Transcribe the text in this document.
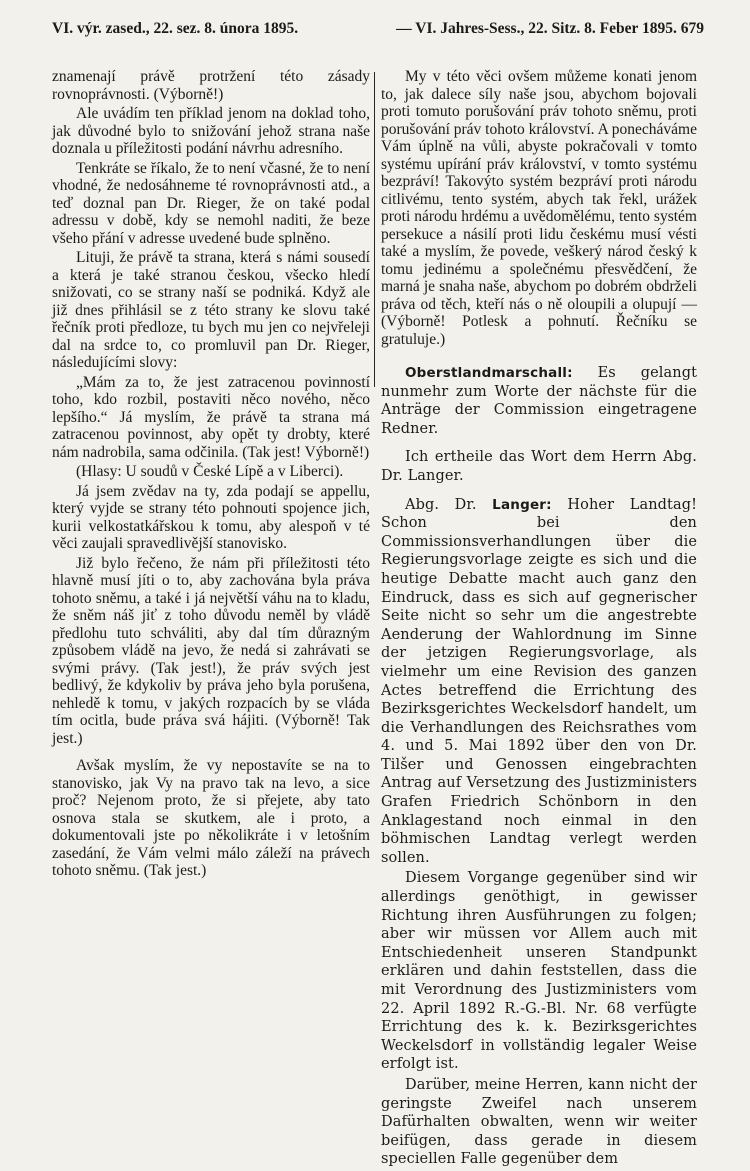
VI. výr. zased., 22. sez. 8. února 1895.	— VI. Jahres-Sess., 22. Sitz. 8. Feber 1895. 679

znamenají právě protržení této zásady rovnoprávnosti. (Výborně!)

Ale uvádím ten příklad jenom na doklad toho, jak důvodné bylo to snižování jehož strana naše doznala u příležitosti podání návrhu adresního.

Tenkráte se říkalo, že to není včasné, že to není vhodné, že nedosáhneme té rovnoprávnosti atd., a teď doznal pan Dr. Rieger, že on také podal adressu v době, kdy se nemohl naditi, že beze všeho přání v adresse uvedené bude splněno.

Lituji, že právě ta strana, která s námi sousedí a která je také stranou českou, všecko hledí snižovati, co se strany naší se podniká. Když ale již dnes přihlásil se z této strany ke slovu také řečník proti předloze, tu bych mu jen co nejvřeleji dal na srdce to, co promluvil pan Dr. Rieger, následujícími slovy:

„Mám za to, že jest zatracenou povinností toho, kdo rozbil, postaviti něco nového, něco lepšího.“ Já myslím, že právě ta strana má zatracenou povinnost, aby opět ty drobty, které nám nadrobila, sama odčinila. (Tak jest! Výborně!)

(Hlasy: U soudů v České Lípě a v Liberci).

Já jsem zvědav na ty, zda podají se appellu, který vyjde se strany této pohnouti spojence jich, kurii velkostatkářskou k tomu, aby alespoň v té věci zaujali spravedlivější stanovisko.

Již bylo řečeno, že nám při příležitosti této hlavně musí jíti o to, aby zachována byla práva tohoto sněmu, a také i já největší váhu na to kladu, že sněm náš jiť z toho důvodu neměl by vládě předlohu tuto schváliti, aby dal tím důrazným způsobem vládě na jevo, že nedá si zahrávati se svými právy. (Tak jest!), že práv svých jest bedlivý, že kdykoliv by práva jeho byla porušena, nehledě k tomu, v jakých rozpacích by se vláda tím ocitla, bude práva svá hájiti. (Výborně! Tak jest.)

Avšak myslím, že vy nepostavíte se na to stanovisko, jak Vy na pravo tak na levo, a sice proč? Nejenom proto, že si přejete, aby tato osnova stala se skutkem, ale i proto, a dokumentovali jste po několikráte i v letošním zasedání, že Vám velmi málo záleží na právech tohoto sněmu. (Tak jest.)

My v této věci ovšem můžeme konati jenom to, jak dalece síly naše jsou, abychom bojovali proti tomuto porušování práv tohoto sněmu, proti porušování práv tohoto království. A ponecháváme Vám úplně na vůli, abyste pokračovali v tomto systému upírání práv království, v tomto systému bezpráví! Takovýto systém bezpráví proti národu citlivému, tento systém, abych tak řekl, urážek proti národu hrdému a uvědomělému, tento systém persekuce a násilí proti lidu českému musí vésti také a myslím, že povede, veškerý národ český k tomu jedinému a společnému přesvědčení, že marná je snaha naše, abychom po dobrém obdrželi práva od těch, kteří nás o ně oloupili a olupují — (Výborně! Potlesk a pohnutí. Řečníku se gratuluje.)

Oberstlandmarschall: Es gelangt nunmehr zum Worte der nächste für die Anträge der Commission eingetragene Redner.

Ich ertheile das Wort dem Herrn Abg. Dr. Langer.

Abg. Dr. Langer: Hoher Landtag! Schon bei den Commissionsverhandlungen über die Regierungsvorlage zeigte es sich und die heutige Debatte macht auch ganz den Eindruck, dass es sich auf gegnerischer Seite nicht so sehr um die angestrebte Aenderung der Wahlordnung im Sinne der jetzigen Regierungsvorlage, als vielmehr um eine Revision des ganzen Actes betreffend die Errichtung des Bezirksgerichtes Weckelsdorf handelt, um die Verhandlungen des Reichsrathes vom 4. und 5. Mai 1892 über den von Dr. Tilšer und Genossen eingebrachten Antrag auf Versetzung des Justizministers Grafen Friedrich Schönborn in den Anklagestand noch einmal in den böhmischen Landtag verlegt werden sollen.

Diesem Vorgange gegenüber sind wir allerdings genöthigt, in gewisser Richtung ihren Ausführungen zu folgen; aber wir müssen vor Allem auch mit Entschiedenheit unseren Standpunkt erklären und dahin feststellen, dass die mit Verordnung des Justizministers vom 22. April 1892 R.-G.-Bl. Nr. 68 verfügte Errichtung des k. k. Bezirksgerichtes Weckelsdorf in vollständig legaler Weise erfolgt ist.

Darüber, meine Herren, kann nicht der geringste Zweifel nach unserem Dafürhalten obwalten, wenn wir weiter beifügen, dass gerade in diesem speciellen Falle gegenüber dem
